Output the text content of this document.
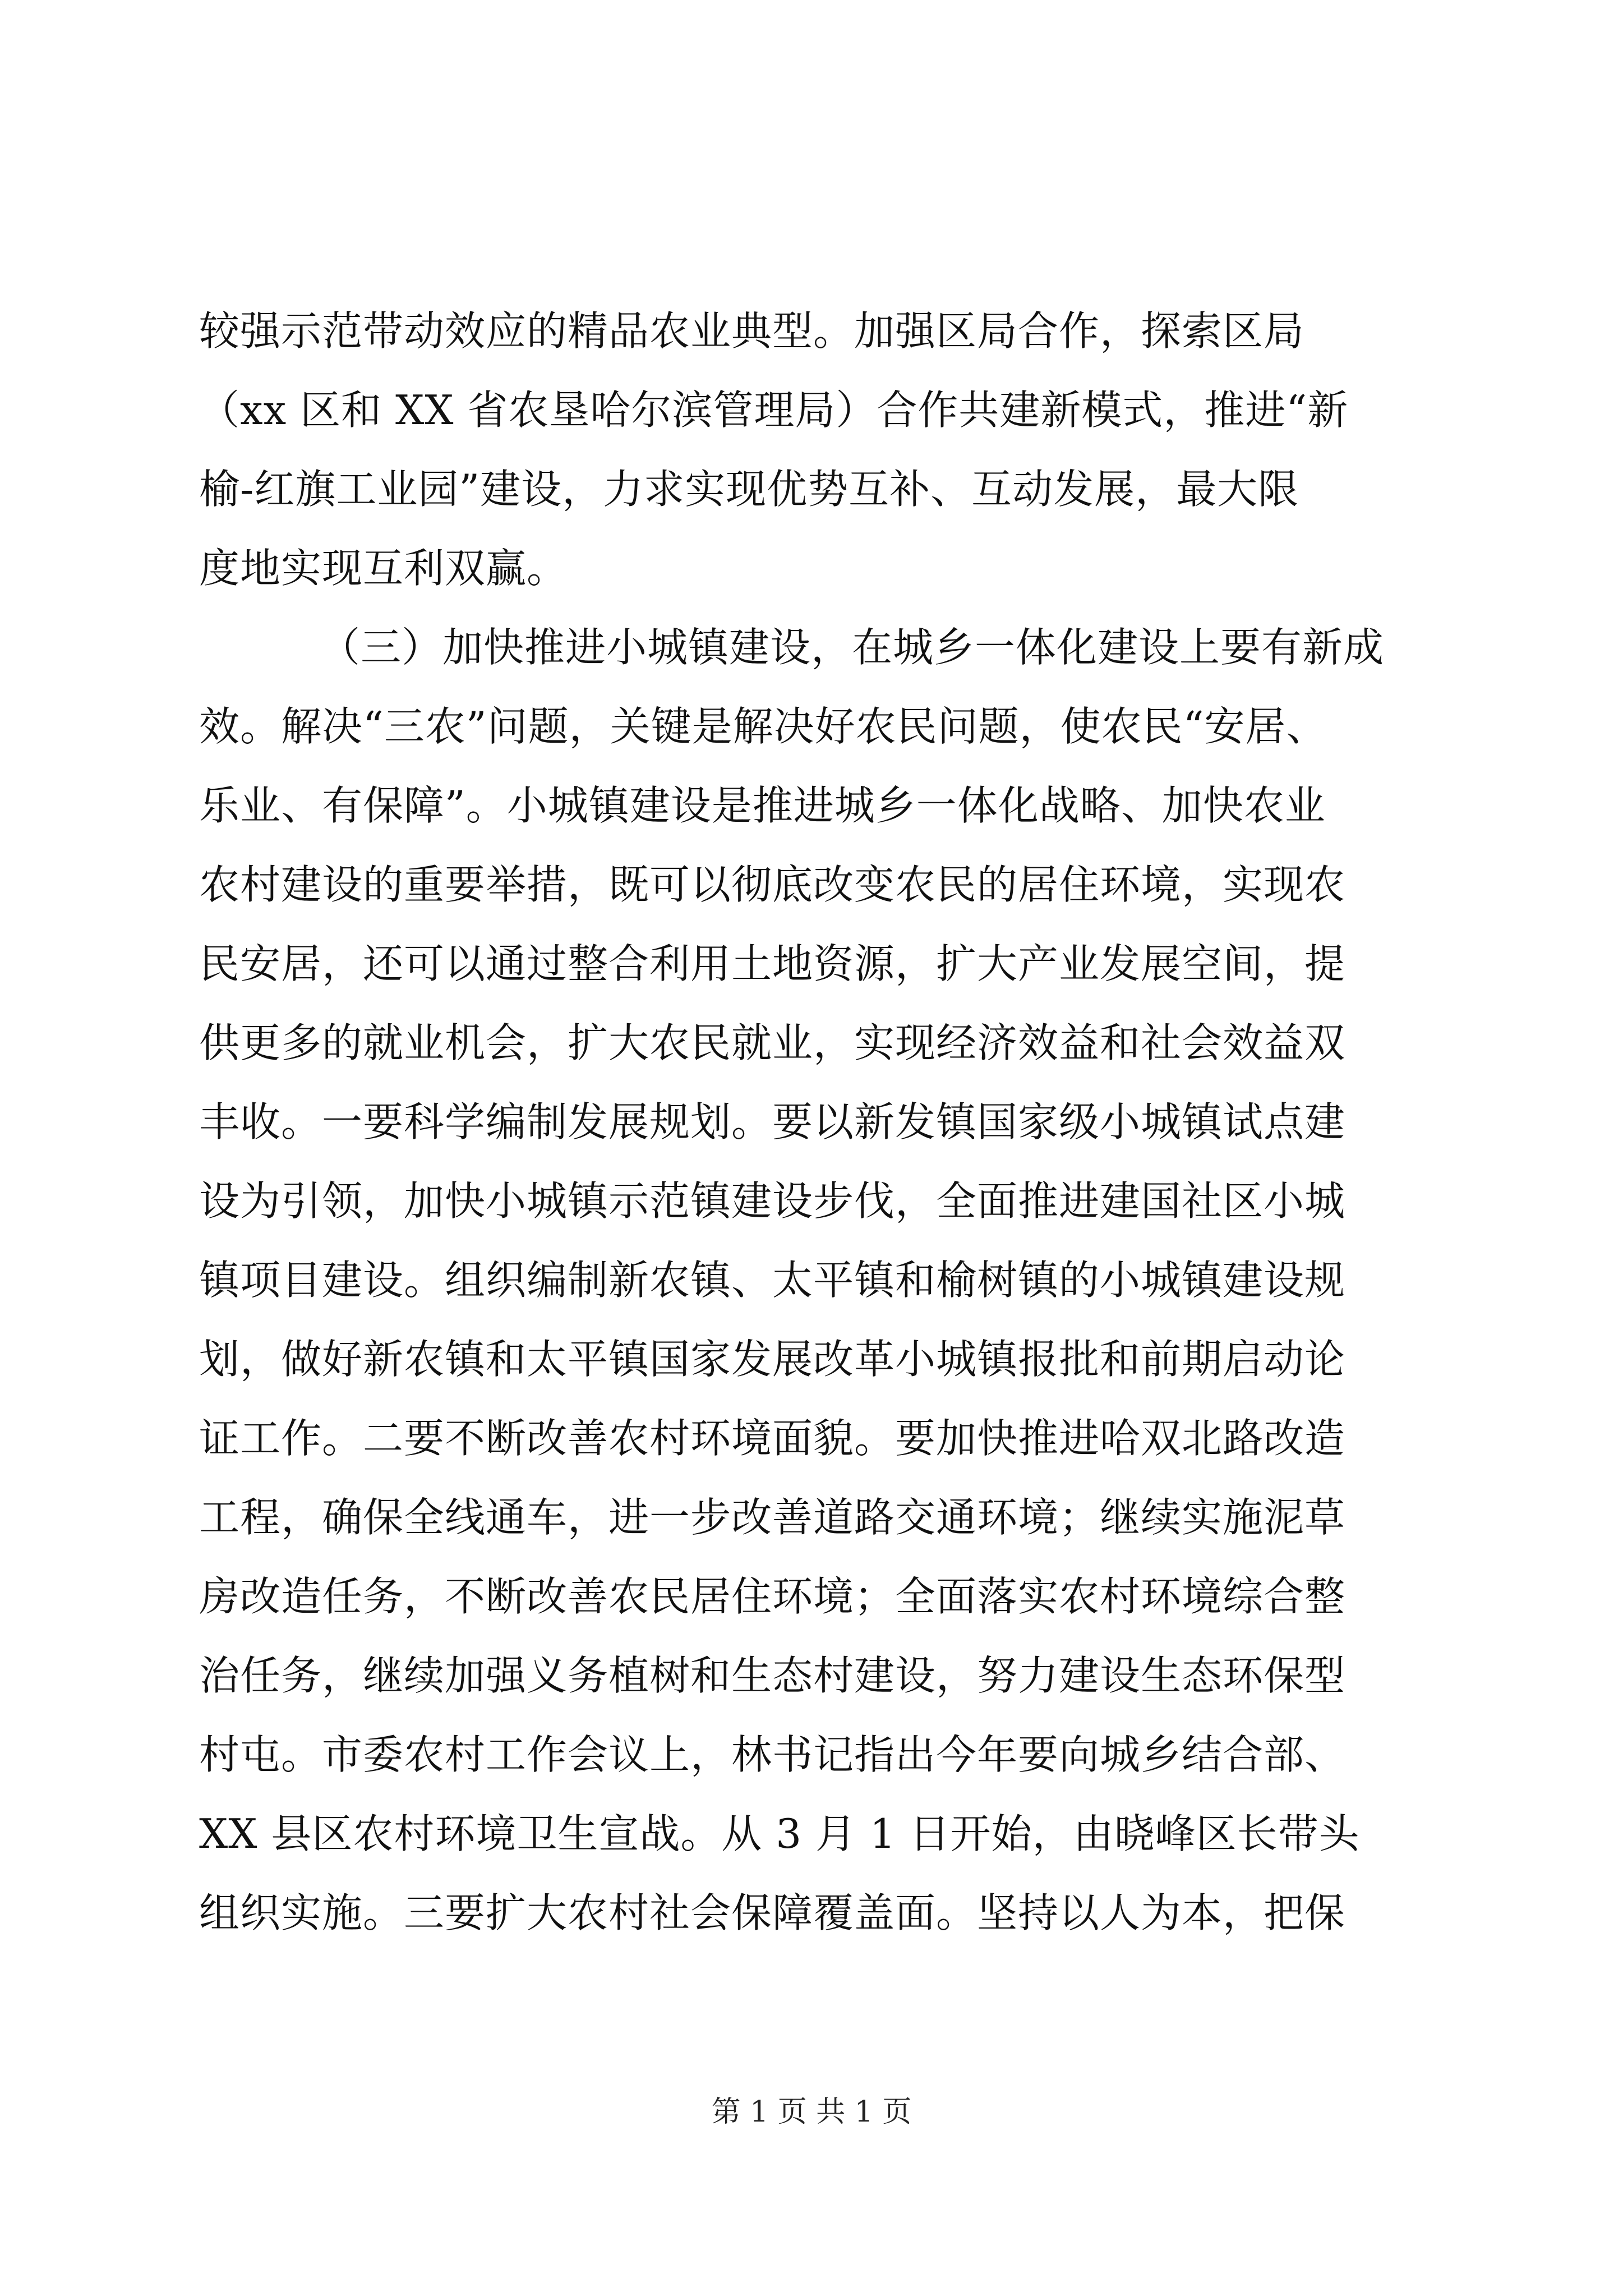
较强示范带动效应的精品农业典型。加强区局合作，探索区局
（xx 区和 XX 省农垦哈尔滨管理局）合作共建新模式，推进“新
榆-红旗工业园”建设，力求实现优势互补、互动发展，最大限
度地实现互利双赢。
（三）加快推进小城镇建设，在城乡一体化建设上要有新成
效。解决“三农”问题，关键是解决好农民问题，使农民“安居、
乐业、有保障”。小城镇建设是推进城乡一体化战略、加快农业
农村建设的重要举措，既可以彻底改变农民的居住环境，实现农
民安居，还可以通过整合利用土地资源，扩大产业发展空间，提
供更多的就业机会，扩大农民就业，实现经济效益和社会效益双
丰收。一要科学编制发展规划。要以新发镇国家级小城镇试点建
设为引领，加快小城镇示范镇建设步伐，全面推进建国社区小城
镇项目建设。组织编制新农镇、太平镇和榆树镇的小城镇建设规
划，做好新农镇和太平镇国家发展改革小城镇报批和前期启动论
证工作。二要不断改善农村环境面貌。要加快推进哈双北路改造
工程，确保全线通车，进一步改善道路交通环境；继续实施泥草
房改造任务，不断改善农民居住环境；全面落实农村环境综合整
治任务，继续加强义务植树和生态村建设，努力建设生态环保型
村屯。市委农村工作会议上，林书记指出今年要向城乡结合部、
XX 县区农村环境卫生宣战。从 3 月 1 日开始，由晓峰区长带头
组织实施。三要扩大农村社会保障覆盖面。坚持以人为本，把保
第 1 页 共 1 页
